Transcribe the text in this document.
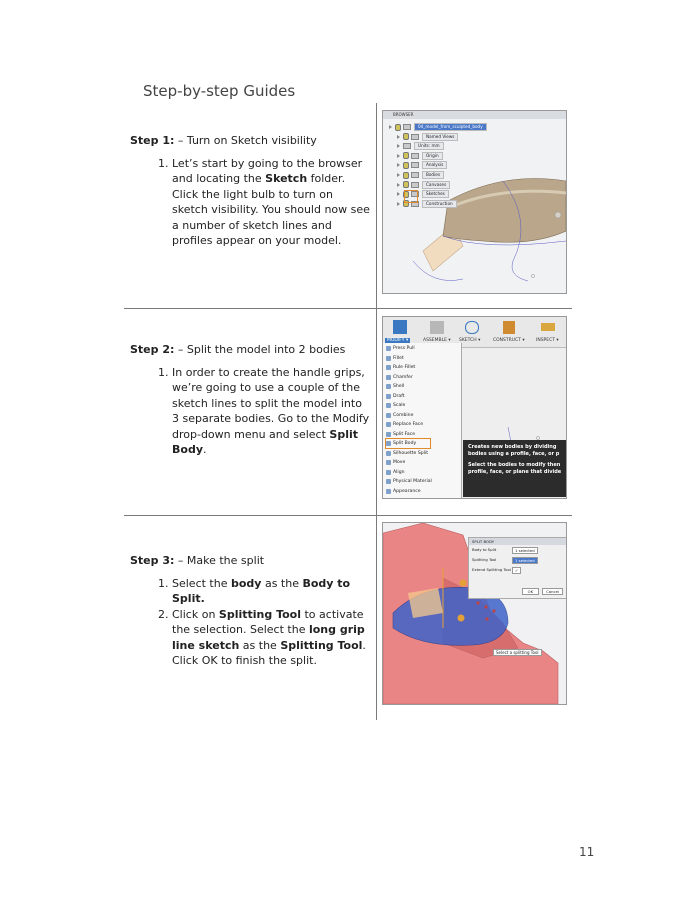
Step-by-step Guides
Step 1: – Turn on Sketch visibility
1. Let’s start by going to the browser and locating the Sketch folder. Click the light bulb to turn on sketch visibility. You should now see a number of sketch lines and profiles appear on your model.
Step 2: – Split the model into 2 bodies
1. In order to create the handle grips, we’re going to use a couple of the sketch lines to split the model into 3 separate bodies. Go to the Modify drop-down menu and select Split Body.
Step 3: – Make the split
1. Select the body as the Body to Split.
2. Click on Splitting Tool to activate the selection. Select the long grip line sketch as the Splitting Tool. Click OK to finish the split.
BROWSER
04_model_from_sculpted_body
Named Views
Units: mm
Origin
Analysis
Bodies
Canvases
Sketches
Construction
MODIFY ▾	ASSEMBLE ▾ SKETCH ▾	CONSTRUCT ▾	INSPECT ▾
Press Pull
Fillet
Rule Fillet
Chamfer
Shell
Draft
Scale
Combine
Replace Face
Split Face
Split Body
Silhouette Split
Move
Align
Physical Material
Appearance
Creates new bodies by dividing bodies using a profile, face, or p
Select the bodies to modify then profile, face, or plane that divide
SPLIT BODY
Body to Split	1 selected
Splitting Tool	1 selected
Extend Splitting Tool	✓
OK	Cancel
Select a splitting Tool
11
